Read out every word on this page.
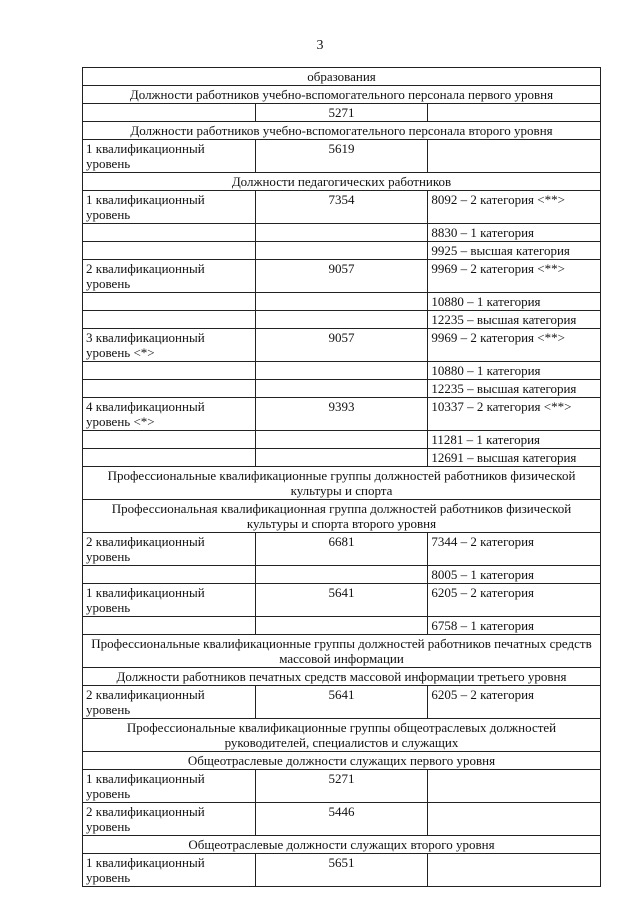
3
образования		
Должности работников учебно-вспомогательного персонала первого уровня		
	5271	
Должности работников учебно-вспомогательного персонала второго уровня		
1 квалификационный уровень	5619	
Должности педагогических работников		
1 квалификационный уровень	7354	8092 – 2 категория <**>
		8830 – 1 категория
		9925 – высшая категория
2 квалификационный уровень	9057	9969 – 2 категория <**>
		10880 – 1 категория
		12235 – высшая категория
3 квалификационный уровень <*>	9057	9969 – 2 категория <**>
		10880 – 1 категория
		12235 – высшая категория
4 квалификационный уровень <*>	9393	10337 – 2 категория <**>
		11281 – 1 категория
		12691 – высшая категория
Профессиональные квалификационные группы должностей работников физической культуры и спорта		
Профессиональная квалификационная группа должностей работников физической культуры и спорта второго уровня		
2 квалификационный уровень	6681	7344 – 2 категория
		8005 – 1 категория
1 квалификационный уровень	5641	6205 – 2 категория
		6758 – 1 категория
Профессиональные квалификационные группы должностей работников печатных средств массовой информации		
Должности работников печатных средств массовой информации третьего уровня		
2 квалификационный уровень	5641	6205 – 2 категория
Профессиональные квалификационные группы общеотраслевых должностей руководителей, специалистов и служащих		
Общеотраслевые должности служащих первого уровня		
1 квалификационный уровень	5271	
2 квалификационный уровень	5446	
Общеотраслевые должности служащих второго уровня		
1 квалификационный уровень	5651	
